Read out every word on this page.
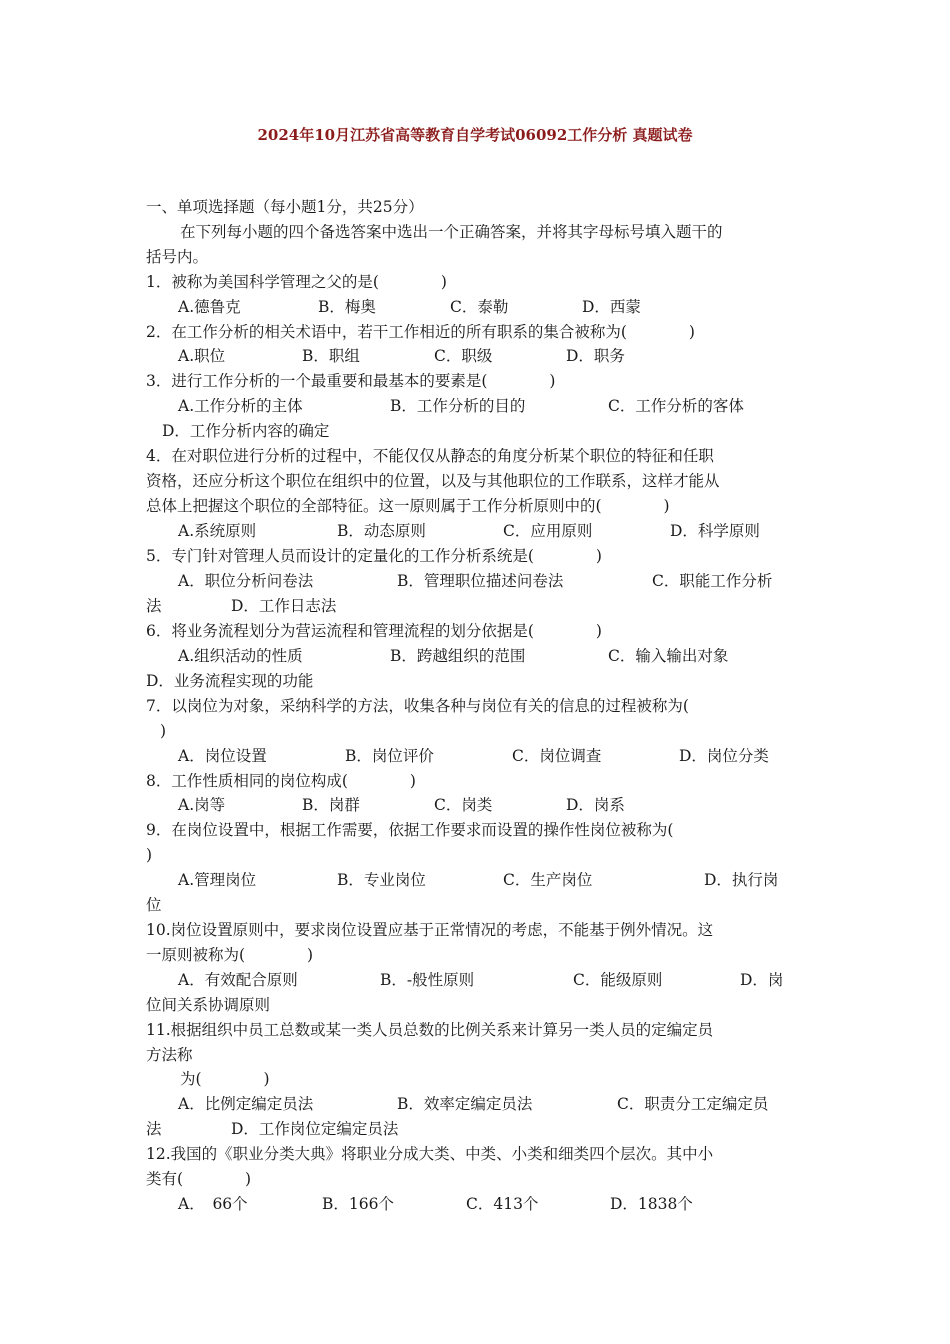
2024年10月江苏省高等教育自学考试06092工作分析 真题试卷
一、单项选择题（每小题1分，共25分）
在下列每小题的四个备选答案中选出一个正确答案，并将其字母标号填入题干的
括号内。
1．被称为美国科学管理之父的是(　　　　)
A.德鲁克	B．梅奥	C．泰勒	D．西蒙
2．在工作分析的相关术语中，若干工作相近的所有职系的集合被称为(　　　　)
A.职位	B．职组	C．职级	D．职务
3．进行工作分析的一个最重要和最基本的要素是(　　　　)
A.工作分析的主体	B．工作分析的目的	C．工作分析的客体
D．工作分析内容的确定
4．在对职位进行分析的过程中，不能仅仅从静态的角度分析某个职位的特征和任职
资格，还应分析这个职位在组织中的位置，以及与其他职位的工作联系，这样才能从
总体上把握这个职位的全部特征。这一原则属于工作分析原则中的(　　　　)
A.系统原则	B．动态原则	C．应用原则	D．科学原则
5．专门针对管理人员而设计的定量化的工作分析系统是(　　　　)
A．职位分析问卷法	B．管理职位描述问卷法	C．职能工作分析
法	D．工作日志法
6．将业务流程划分为营运流程和管理流程的划分依据是(　　　　)
A.组织活动的性质	B．跨越组织的范围	C．输入输出对象
D．业务流程实现的功能
7．以岗位为对象，采纳科学的方法，收集各种与岗位有关的信息的过程被称为(
)
A．岗位设置	B．岗位评价	C．岗位调查	D．岗位分类
8．工作性质相同的岗位构成(　　　　)
A.岗等	B．岗群	C．岗类	D．岗系
9．在岗位设置中，根据工作需要，依据工作要求而设置的操作性岗位被称为(
)
A.管理岗位	B．专业岗位	C．生产岗位	D．执行岗
位
10.岗位设置原则中，要求岗位设置应基于正常情况的考虑，不能基于例外情况。这
一原则被称为(　　　　)
A．有效配合原则	B．-般性原则	C．能级原则	D．岗
位间关系协调原则
11.根据组织中员工总数或某一类人员总数的比例关系来计算另一类人员的定编定员
方法称
为(　　　　)
A．比例定编定员法	B．效率定编定员法	C．职责分工定编定员
法	D．工作岗位定编定员法
12.我国的《职业分类大典》将职业分成大类、中类、小类和细类四个层次。其中小
类有(　　　　)
A．　66个	B．166个	C．413个	D．1838个
